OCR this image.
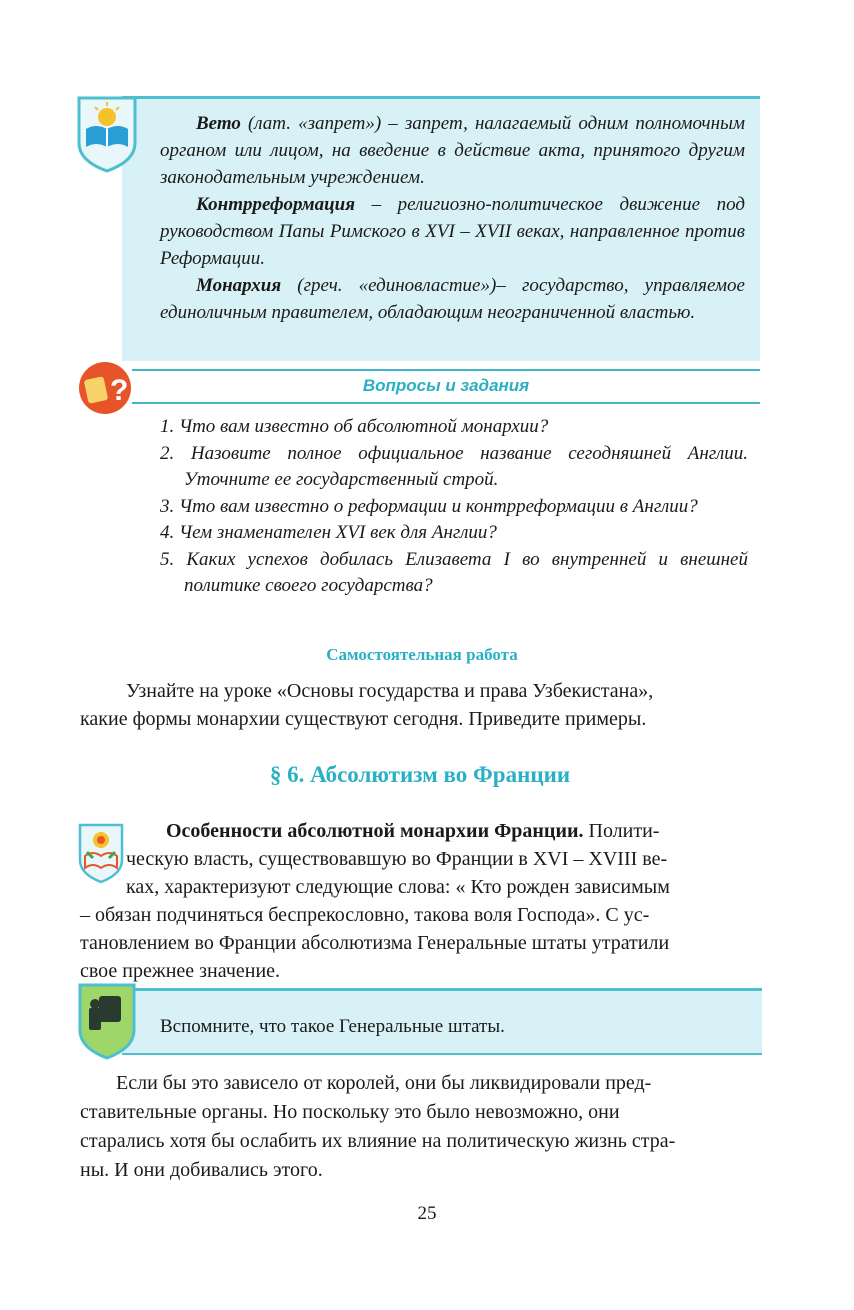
Вето (лат. «запрет») – запрет, налагаемый одним полномочным органом или лицом, на введение в действие акта, принятого другим законодательным учреждением.

Контрреформация – религиозно-политическое движение под руководством Папы Римского в XVI – XVII веках, направленное против Реформации.

Монархия (греч. «единовластие»)– государство, управляемое единоличным правителем, обладающим неограниченной властью.

?	Вопросы и задания
1. Что вам известно об абсолютной монархии?
2. Назовите полное официальное название сегодняшней Англии. Уточните ее государственный строй.
3. Что вам известно о реформации и контрреформации в Англии?
4. Чем знаменателен XVI век для Англии?
5. Каких успехов добилась Елизавета I во внутренней и внешней политике своего государства?
Самостоятельная работа
Узнайте на уроке «Основы государства и права Узбекистана»,
какие формы монархии существуют сегодня. Приведите примеры.
§ 6. Абсолютизм во Франции
Особенности абсолютной монархии Франции. Полити-
ческую власть, существовавшую во Франции в XVI – XVIII ве-
ках, характеризуют следующие слова: « Кто рожден зависимым
– обязан подчиняться беспрекословно, такова воля Господа». С ус-
тановлением во Франции абсолютизма Генеральные штаты утратили
свое прежнее значение.
Вспомните, что такое Генеральные штаты.
Если бы это зависело от королей, они бы ликвидировали пред-
ставительные органы. Но поскольку это было невозможно, они
старались хотя бы ослабить их влияние на политическую жизнь стра-
ны. И они добивались этого.
25
